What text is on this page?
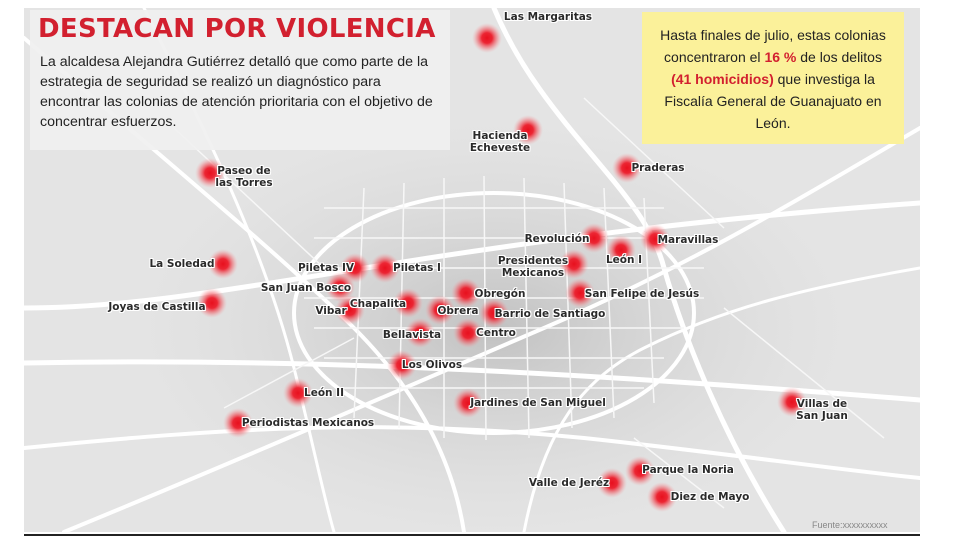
DESTACAN POR VIOLENCIA

La alcaldesa Alejandra Gutiérrez detalló que como parte de la estrategia de seguridad se realizó un diagnóstico para encontrar las colonias de atención prioritaria con el objetivo de concentrar esfuerzos.

Hasta finales de julio, estas colonias concentraron el 16 % de los delitos (41 homicidios) que investiga la Fiscalía General de Guanajuato en León.
Las Margaritas
Hacienda
Echeveste
Praderas
Paseo de
las Torres
Revolución
León I
Maravillas
Presidentes
Mexicanos
La Soledad	Piletas IV	Piletas I
San Juan Bosco
Joyas de Castilla	Chapalita
Vibar
Obregón
Obrera Barrio de Santiago
San Felipe de Jesús
Bellavista	Centro
Los Olivos
León II
Jardines de San Miguel
Periodistas Mexicanos
Villas de
San Juan
Parque la Noria
Valle de Jeréz
Diez de Mayo
Fuente:xxxxxxxxxx
